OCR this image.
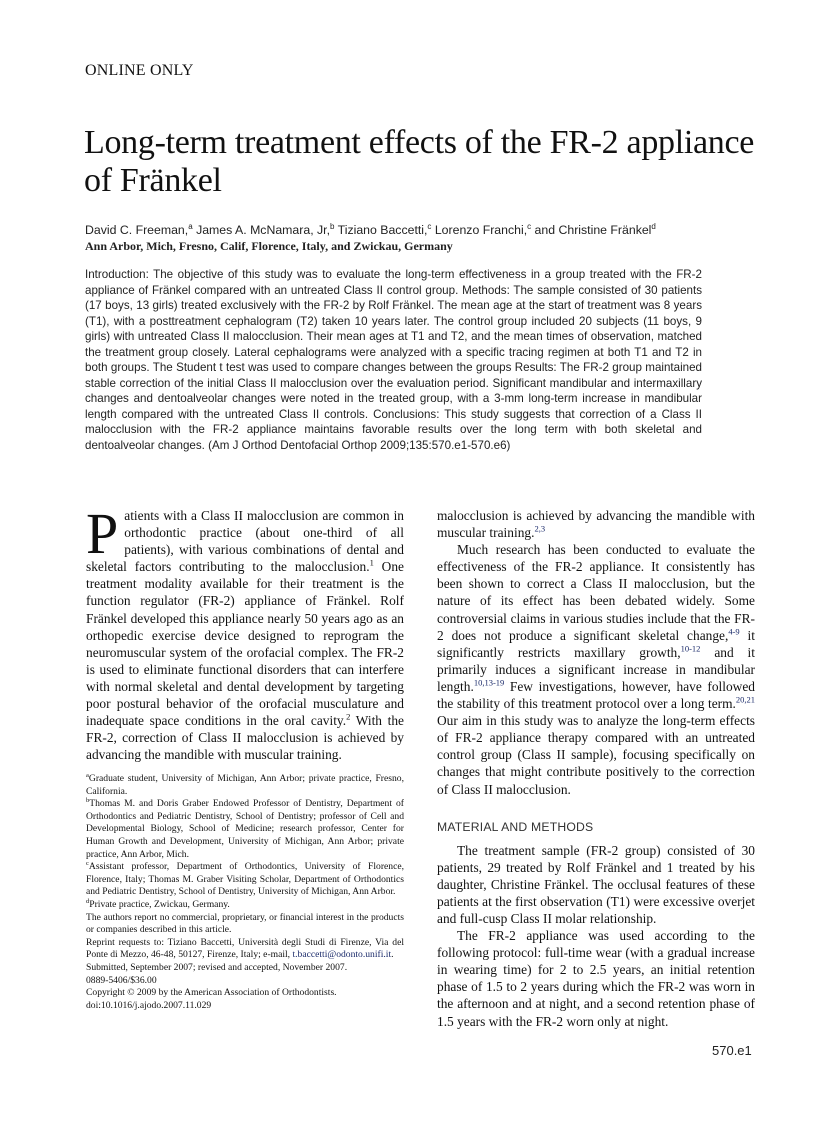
ONLINE ONLY
Long-term treatment effects of the FR-2 appliance of Fränkel
David C. Freeman,$^a$ James A. McNamara, Jr,$^b$ Tiziano Baccetti,$^c$ Lorenzo Franchi,$^c$ and Christine Fränkel$^d$
Ann Arbor, Mich, Fresno, Calif, Florence, Italy, and Zwickau, Germany

Introduction: The objective of this study was to evaluate the long-term effectiveness in a group treated with the FR-2 appliance of Fränkel compared with an untreated Class II control group. Methods: The sample consisted of 30 patients (17 boys, 13 girls) treated exclusively with the FR-2 by Rolf Fränkel. The mean age at the start of treatment was 8 years (T1), with a posttreatment cephalogram (T2) taken 10 years later. The control group included 20 subjects (11 boys, 9 girls) with untreated Class II malocclusion. Their mean ages at T1 and T2, and the mean times of observation, matched the treatment group closely. Lateral cephalograms were analyzed with a specific tracing regimen at both T1 and T2 in both groups. The Student t test was used to compare changes between the groups Results: The FR-2 group maintained stable correction of the initial Class II malocclusion over the evaluation period. Significant mandibular and intermaxillary changes and dentoalveolar changes were noted in the treated group, with a 3-mm long-term increase in mandibular length compared with the untreated Class II controls. Conclusions: This study suggests that correction of a Class II malocclusion with the FR-2 appliance maintains favorable results over the long term with both skeletal and dentoalveolar changes. (Am J Orthod Dentofacial Orthop 2009;135:570.e1-570.e6)

Patients with a Class II malocclusion are common in orthodontic practice (about one-third of all patients), with various combinations of dental and skeletal factors contributing to the malocclusion.$^1$ One treatment modality available for their treatment is the function regulator (FR-2) appliance of Fränkel. Rolf Fränkel developed this appliance nearly 50 years ago as an orthopedic exercise device designed to reprogram the neuromuscular system of the orofacial complex. The FR-2 is used to eliminate functional disorders that can interfere with normal skeletal and dental development by targeting poor postural behavior of the orofacial musculature and inadequate space conditions in the oral cavity.$^2$ With the FR-2, correction of Class II malocclusion is achieved by advancing the mandible with muscular training.

malocclusion is achieved by advancing the mandible with muscular training.$^{2,3}$

Much research has been conducted to evaluate the effectiveness of the FR-2 appliance. It consistently has been shown to correct a Class II malocclusion, but the nature of its effect has been debated widely. Some controversial claims in various studies include that the FR-2 does not produce a significant skeletal change,$^{4-9}$ it significantly restricts maxillary growth,$^{10-12}$ and it primarily induces a significant increase in mandibular length.$^{10,13-19}$ Few investigations, however, have followed the stability of this treatment protocol over a long term.$^{20,21}$ Our aim in this study was to analyze the long-term effects of FR-2 appliance therapy compared with an untreated control group (Class II sample), focusing specifically on changes that might contribute positively to the correction of Class II malocclusion.

MATERIAL AND METHODS

The treatment sample (FR-2 group) consisted of 30 patients, 29 treated by Rolf Fränkel and 1 treated by his daughter, Christine Fränkel. The occlusal features of these patients at the first observation (T1) were excessive overjet and full-cusp Class II molar relationship.

The FR-2 appliance was used according to the following protocol: full-time wear (with a gradual increase in wearing time) for 2 to 2.5 years, an initial retention phase of 1.5 to 2 years during which the FR-2 was worn in the afternoon and at night, and a second retention phase of 1.5 years with the FR-2 worn only at night.

$^a$Graduate student, University of Michigan, Ann Arbor; private practice, Fresno, California.

$^b$Thomas M. and Doris Graber Endowed Professor of Dentistry, Department of Orthodontics and Pediatric Dentistry, School of Dentistry; professor of Cell and Developmental Biology, School of Medicine; research professor, Center for Human Growth and Development, University of Michigan, Ann Arbor; private practice, Ann Arbor, Mich.

$^c$Assistant professor, Department of Orthodontics, University of Florence, Florence, Italy; Thomas M. Graber Visiting Scholar, Department of Orthodontics and Pediatric Dentistry, School of Dentistry, University of Michigan, Ann Arbor.

$^d$Private practice, Zwickau, Germany.

The authors report no commercial, proprietary, or financial interest in the products or companies described in this article.

Reprint requests to: Tiziano Baccetti, Università degli Studi di Firenze, Via del Ponte di Mezzo, 46-48, 50127, Firenze, Italy; e-mail, t.baccetti@odonto.unifi.it.

Submitted, September 2007; revised and accepted, November 2007.

0889-5406/$36.00

Copyright © 2009 by the American Association of Orthodontists.

doi:10.1016/j.ajodo.2007.11.029

570.e1
